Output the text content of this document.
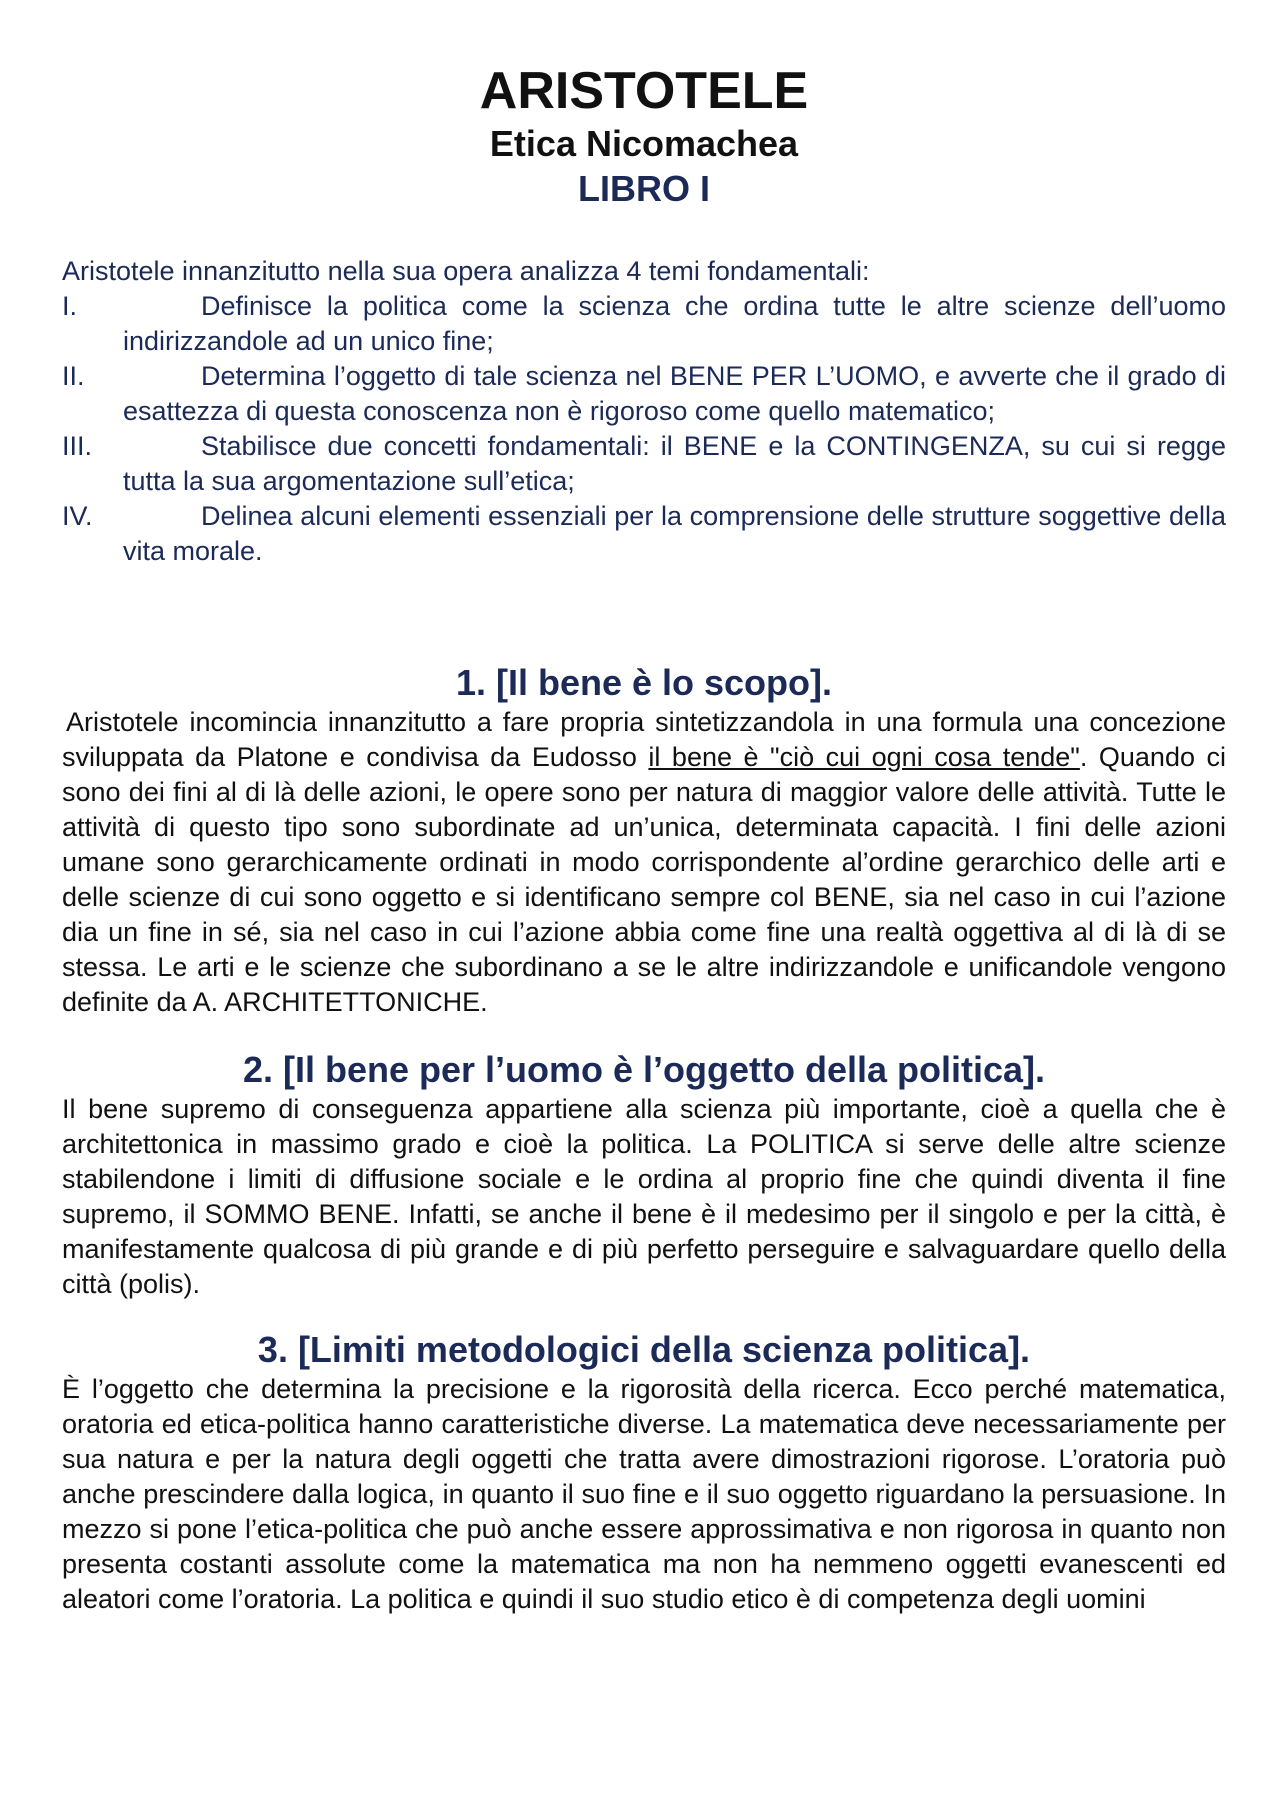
ARISTOTELE
Etica Nicomachea
LIBRO I
Aristotele innanzitutto nella sua opera analizza 4 temi fondamentali:
I.	Definisce la politica come la scienza che ordina tutte le altre scienze dell’uomo indirizzandole ad un unico fine;
II.	Determina l’oggetto di tale scienza nel BENE PER L’UOMO, e avverte che il grado di esattezza di questa conoscenza non è rigoroso come quello matematico;
III.	Stabilisce due concetti fondamentali: il BENE e la CONTINGENZA, su cui si regge tutta la sua argomentazione sull’etica;
IV.	Delinea alcuni elementi essenziali per la comprensione delle strutture soggettive della vita morale.
1. [Il bene è lo scopo].

Aristotele incomincia innanzitutto a fare propria sintetizzandola in una formula una concezione sviluppata da Platone e condivisa da Eudosso il bene è "ciò cui ogni cosa tende". Quando ci sono dei fini al di là delle azioni, le opere sono per natura di maggior valore delle attività. Tutte le attività di questo tipo sono subordinate ad un’unica, determinata capacità. I fini delle azioni umane sono gerarchicamente ordinati in modo corrispondente al’ordine gerarchico delle arti e delle scienze di cui sono oggetto e si identificano sempre col BENE, sia nel caso in cui l’azione dia un fine in sé, sia nel caso in cui l’azione abbia come fine una realtà oggettiva al di là di se stessa. Le arti e le scienze che subordinano a se le altre indirizzandole e unificandole vengono definite da A. ARCHITETTONICHE.

2. [Il bene per l’uomo è l’oggetto della politica].

Il bene supremo di conseguenza appartiene alla scienza più importante, cioè a quella che è architettonica in massimo grado e cioè la politica. La POLITICA si serve delle altre scienze stabilendone i limiti di diffusione sociale e le ordina al proprio fine che quindi diventa il fine supremo, il SOMMO BENE. Infatti, se anche il bene è il medesimo per il singolo e per la città, è manifestamente qualcosa di più grande e di più perfetto perseguire e salvaguardare quello della città (polis).

3. [Limiti metodologici della scienza politica].

È l’oggetto che determina la precisione e la rigorosità della ricerca. Ecco perché matematica, oratoria ed etica-politica hanno caratteristiche diverse. La matematica deve necessariamente per sua natura e per la natura degli oggetti che tratta avere dimostrazioni rigorose. L’oratoria può anche prescindere dalla logica, in quanto il suo fine e il suo oggetto riguardano la persuasione. In mezzo si pone l’etica-politica che può anche essere approssimativa e non rigorosa in quanto non presenta costanti assolute come la matematica ma non ha nemmeno oggetti evanescenti ed aleatori come l’oratoria. La politica e quindi il suo studio etico è di competenza degli uomini
